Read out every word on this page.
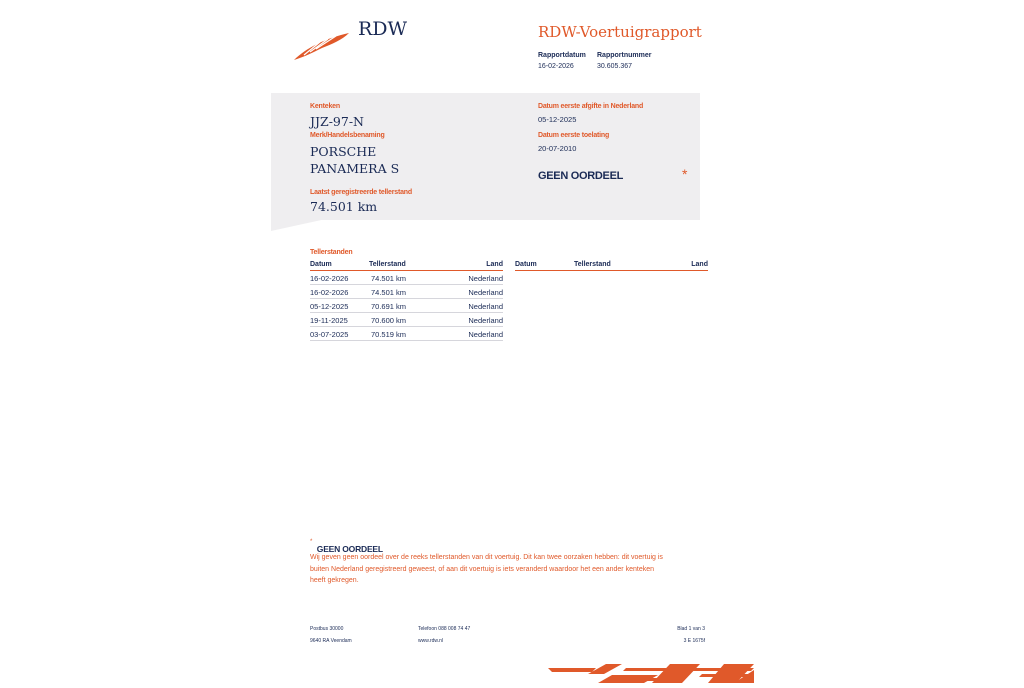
RDW	RDW-Voertuigrapport
Rapportdatum
16-02-2026
Rapportnummer
30.605.367
Kenteken
JJZ-97-N
Merk/Handelsbenaming
PORSCHE
PANAMERA S
Laatst geregistreerde tellerstand
74.501 km
Datum eerste afgifte in Nederland
05-12-2025
Datum eerste toelating
20-07-2010
GEEN OORDEEL	*
Tellerstanden
Datum	Tellerstand	Land
16-02-2026	74.501 km	Nederland
16-02-2026	74.501 km	Nederland
05-12-2025	70.691 km	Nederland
19-11-2025	70.600 km	Nederland
03-07-2025	70.519 km	Nederland
Datum	Tellerstand	Land
* GEEN OORDEEL
Wij geven geen oordeel over de reeks tellerstanden van dit voertuig. Dit kan twee oorzaken hebben: dit voertuig is
buiten Nederland geregistreerd geweest, of aan dit voertuig is iets veranderd waardoor het een ander kenteken
heeft gekregen.
Postbus 30000
9640 RA Veendam
Telefoon 088 008 74 47
www.rdw.nl
Blad 1 van 3
3 E 1675f
